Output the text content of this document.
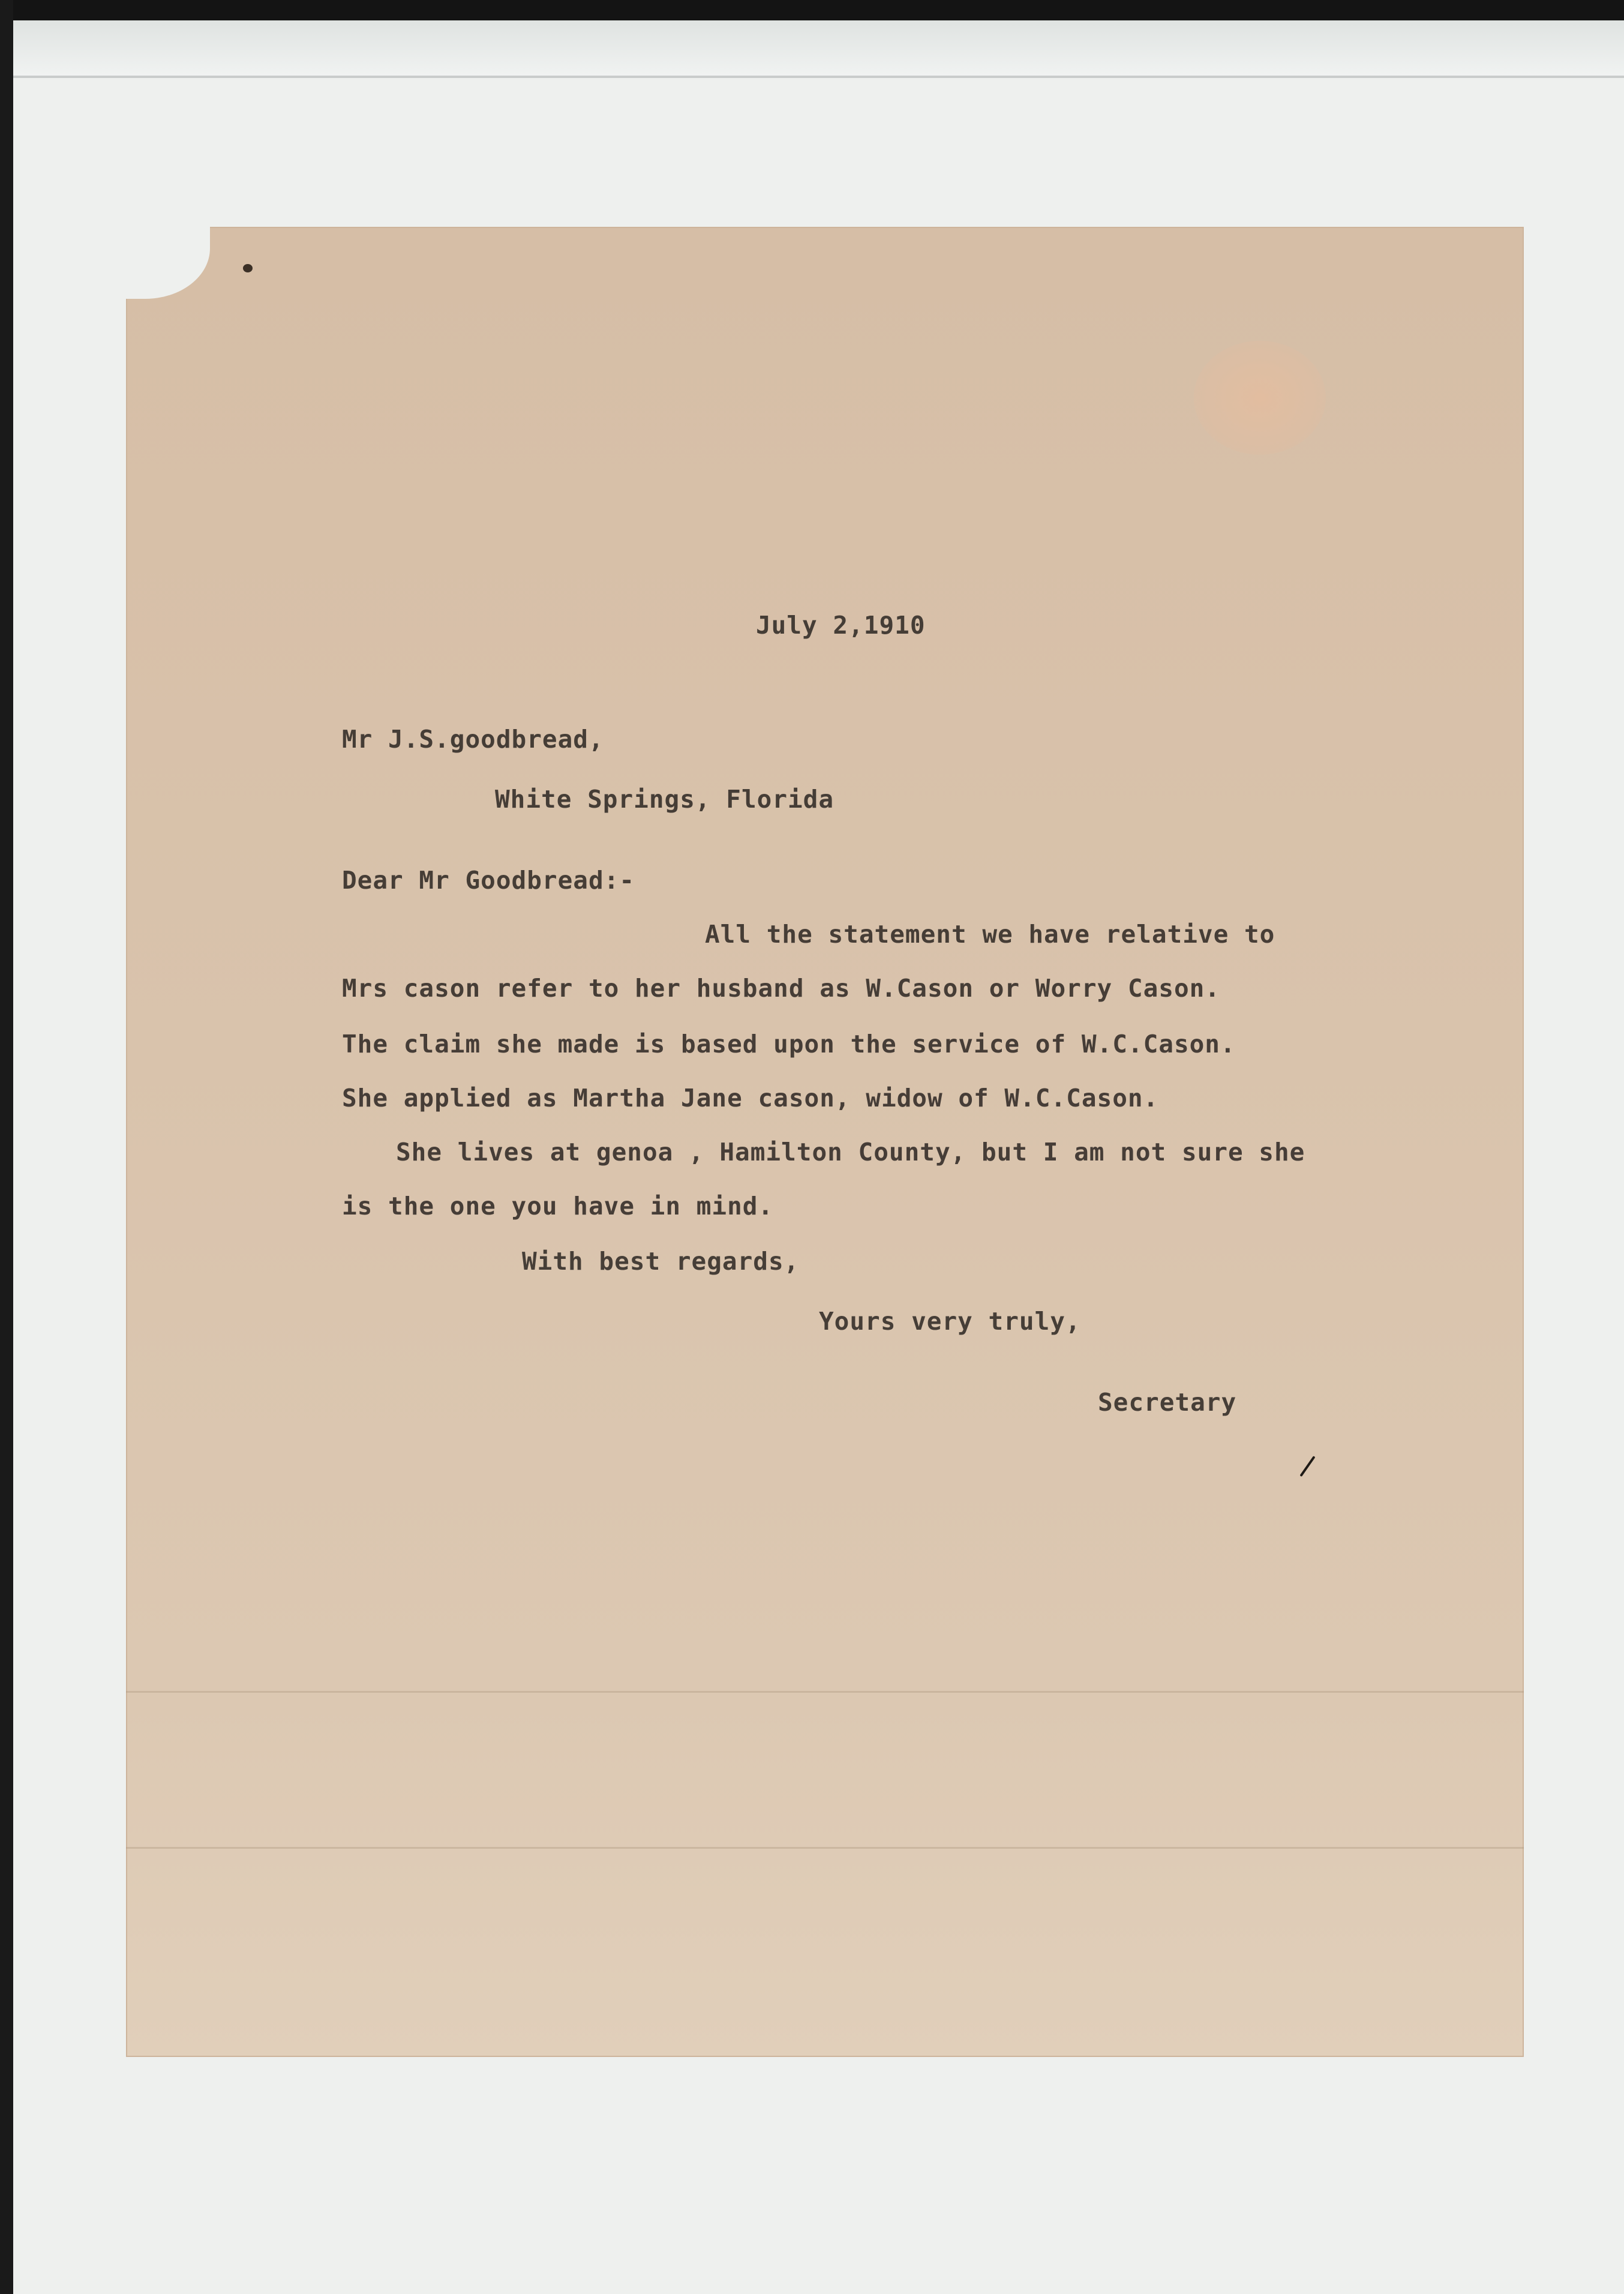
July 2,1910
Mr J.S.goodbread,
White Springs, Florida
Dear Mr Goodbread:-
All the statement we have relative to
Mrs cason refer to her husband as W.Cason or Worry Cason.
The claim she made is based upon the service of W.C.Cason.
She applied as Martha Jane cason, widow of W.C.Cason.
She lives at genoa , Hamilton County, but I am not sure she
is the one you have in mind.
With best regards,
Yours very truly,
Secretary
